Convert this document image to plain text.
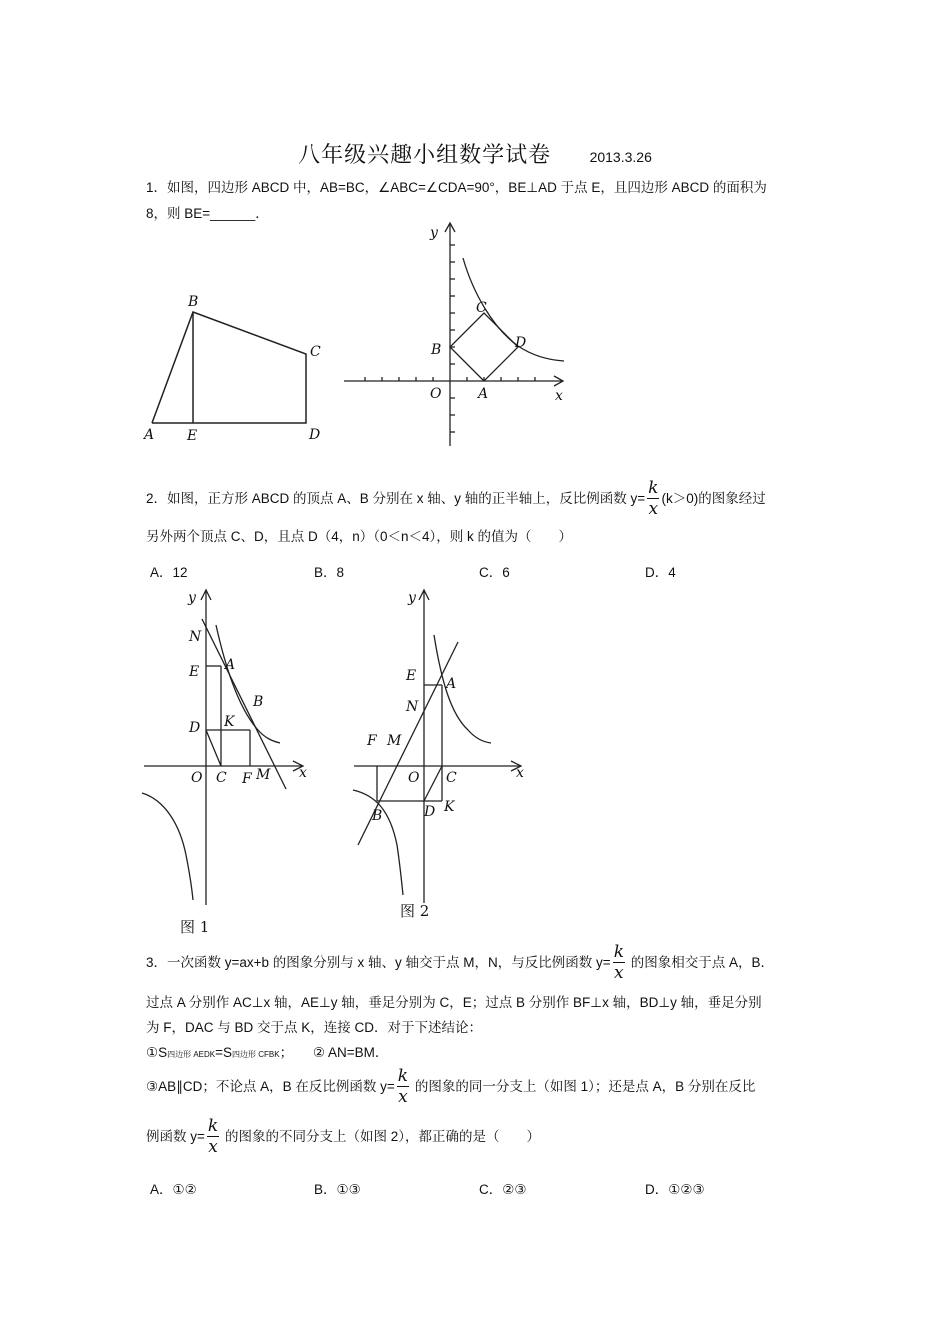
八年级兴趣小组数学试卷	2013.3.26
1．如图，四边形 ABCD 中，AB=BC，∠ABC=∠CDA=90°，BE⊥AD 于点 E，且四边形 ABCD 的面积为
8，则 BE=______．
B
C
A E	D
y
x
O	A
B
C
D
2．如图，正方形 ABCD 的顶点 A、B 分别在 x 轴、y 轴的正半轴上，反比例函数 $y= \frac{k}{x} (k>0)$的图象经过
另外两个顶点 C、D，且点 D（4，n）（0＜n＜4），则 k 的值为（　　）
A．12	B．8	C．6	D．4
y
x
N
E A
B
D K
O C F M
图 1
y
x
E A
N
F M
O C
B	D K
图 2
3．一次函数 y=ax+b 的图象分别与 x 轴、y 轴交于点 M，N，与反比例函数 $y= \frac{k}{x}$ 的图象相交于点 A，B．
过点 A 分别作 AC⊥x 轴，AE⊥y 轴，垂足分别为 C，E；过点 B 分别作 BF⊥x 轴，BD⊥y 轴，垂足分别
为 F，DAC 与 BD 交于点 K，连接 CD．对于下述结论：
①S四边形 AEDK=S四边形 CFBK； ② AN=BM．
③AB∥CD；不论点 A，B 在反比例函数 $y= \frac{k}{x}$ 的图象的同一分支上（如图 1）；还是点 A，B 分别在反比
例函数 $y= \frac{k}{x}$ 的图象的不同分支上（如图 2），都正确的是（　　）
A．①②	B．①③	C．②③	D．①②③
